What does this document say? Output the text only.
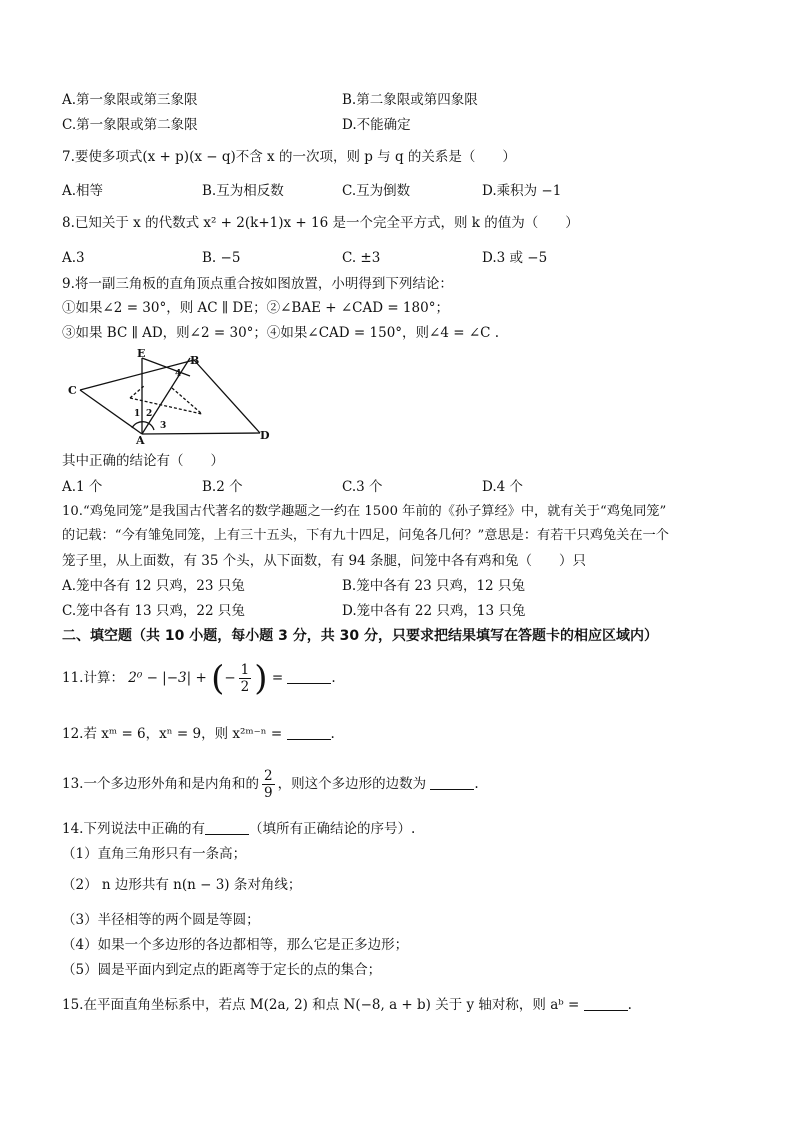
A.第一象限或第三象限	B.第二象限或第四象限
C.第一象限或第二象限	D.不能确定
7.要使多项式(x + p)(x − q)不含 x 的一次项，则 p 与 q 的关系是（　　）
A.相等	B.互为相反数	C.互为倒数	D.乘积为 −1
8.已知关于 x 的代数式 x² + 2(k+1)x + 16 是一个完全平方式，则 k 的值为（　　）
A.3	B. −5	C. ±3	D.3 或 −5
9.将一副三角板的直角顶点重合按如图放置，小明得到下列结论：
①如果∠2 = 30°，则 AC ∥ DE；②∠BAE + ∠CAD = 180°；
③如果 BC ∥ AD，则∠2 = 30°；④如果∠CAD = 150°，则∠4 = ∠C .
E
B
C
A	D
4
1 2
3
其中正确的结论有（　　）
A.1 个	B.2 个	C.3 个	D.4 个
10.“鸡兔同笼”是我国古代著名的数学趣题之一约在 1500 年前的《孙子算经》中，就有关于“鸡兔同笼”
的记载：“今有雏兔同笼，上有三十五头，下有九十四足，问兔各几何？”意思是：有若干只鸡兔关在一个
笼子里，从上面数，有 35 个头，从下面数，有 94 条腿，问笼中各有鸡和兔（　　）只
A.笼中各有 12 只鸡，23 只兔	B.笼中各有 23 只鸡，12 只兔
C.笼中各有 13 只鸡，22 只兔	D.笼中各有 22 只鸡，13 只兔
二、填空题（共 10 小题，每小题 3 分，共 30 分，只要求把结果填写在答题卡的相应区域内）
11.计算： 2⁰ − |−3| + (− $\frac{1}{2}$ ) =	.
12.若 xᵐ = 6，xⁿ = 9，则 x²ᵐ⁻ⁿ =	.
13.一个多边形外角和是内角和的 $\frac{2}{9}$ ，则这个多边形的边数为	.
14.下列说法中正确的有	（填所有正确结论的序号）.
（1）直角三角形只有一条高；
（2） n 边形共有 n(n − 3) 条对角线；
（3）半径相等的两个圆是等圆；
（4）如果一个多边形的各边都相等，那么它是正多边形；
（5）圆是平面内到定点的距离等于定长的点的集合；
15.在平面直角坐标系中，若点 M(2a, 2) 和点 N(−8, a + b) 关于 y 轴对称，则 aᵇ =	.
